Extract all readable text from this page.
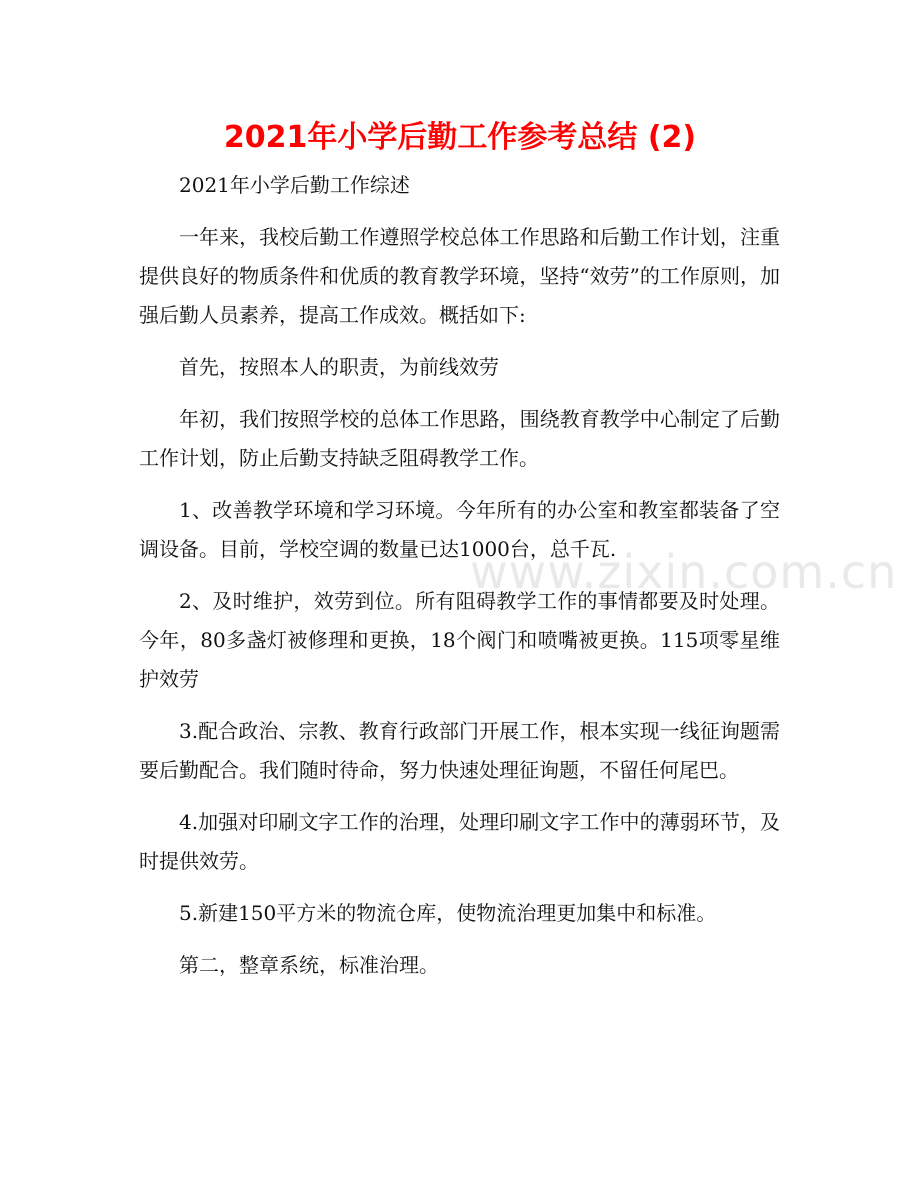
2021年小学后勤工作参考总结 (2)
www.zixin.com.cn

2021年小学后勤工作综述

一年来，我校后勤工作遵照学校总体工作思路和后勤工作计划，注重提供良好的物质条件和优质的教育教学环境，坚持“效劳”的工作原则，加强后勤人员素养，提高工作成效。概括如下:

首先，按照本人的职责，为前线效劳

年初，我们按照学校的总体工作思路，围绕教育教学中心制定了后勤工作计划，防止后勤支持缺乏阻碍教学工作。

1、改善教学环境和学习环境。今年所有的办公室和教室都装备了空调设备。目前，学校空调的数量已达1000台，总千瓦.

2、及时维护，效劳到位。所有阻碍教学工作的事情都要及时处理。今年，80多盏灯被修理和更换，18个阀门和喷嘴被更换。115项零星维护效劳

3.配合政治、宗教、教育行政部门开展工作，根本实现一线征询题需要后勤配合。我们随时待命，努力快速处理征询题，不留任何尾巴。

4.加强对印刷文字工作的治理，处理印刷文字工作中的薄弱环节，及时提供效劳。

5.新建150平方米的物流仓库，使物流治理更加集中和标准。

第二，整章系统，标准治理。
